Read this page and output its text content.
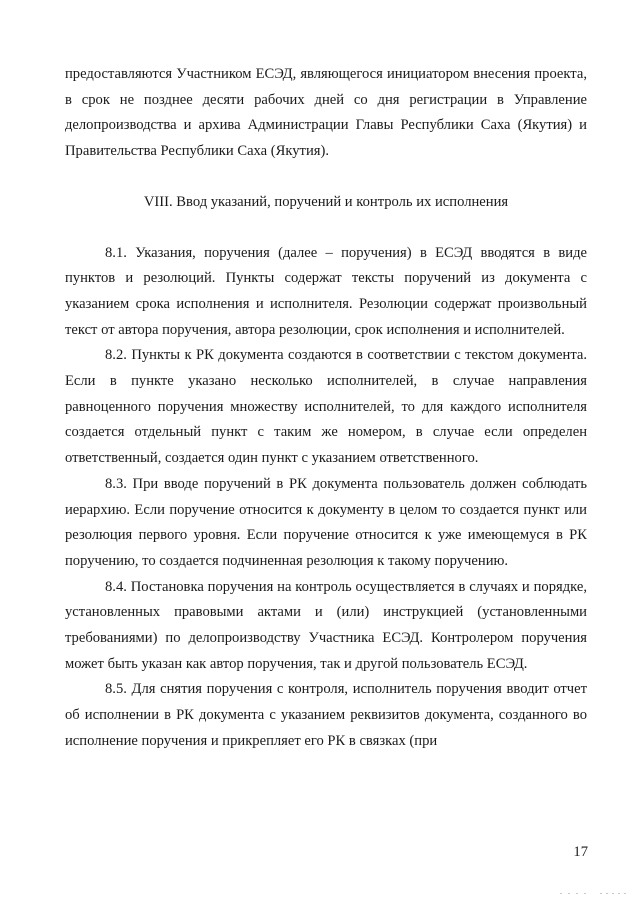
предоставляются Участником ЕСЭД, являющегося инициатором внесения проекта, в срок не позднее десяти рабочих дней со дня регистрации в Управление делопроизводства и архива Администрации Главы Республики Саха (Якутия) и Правительства Республики Саха (Якутия).

VIII. Ввод указаний, поручений и контроль их исполнения

8.1. Указания, поручения (далее – поручения) в ЕСЭД вводятся в виде пунктов и резолюций. Пункты содержат тексты поручений из документа с указанием срока исполнения и исполнителя. Резолюции содержат произвольный текст от автора поручения, автора резолюции, срок исполнения и исполнителей.

8.2. Пункты к РК документа создаются в соответствии с текстом документа. Если в пункте указано несколько исполнителей, в случае направления равноценного поручения множеству исполнителей, то для каждого исполнителя создается отдельный пункт с таким же номером, в случае если определен ответственный, создается один пункт с указанием ответственного.

8.3. При вводе поручений в РК документа пользователь должен соблюдать иерархию. Если поручение относится к документу в целом то создается пункт или резолюция первого уровня. Если поручение относится к уже имеющемуся в РК поручению, то создается подчиненная резолюция к такому поручению.

8.4. Постановка поручения на контроль осуществляется в случаях и порядке, установленных правовыми актами и (или) инструкцией (установленными требованиями) по делопроизводству Участника ЕСЭД. Контролером поручения может быть указан как автор поручения, так и другой пользователь ЕСЭД.

8.5. Для снятия поручения с контроля, исполнитель поручения вводит отчет об исполнении в РК документа с указанием реквизитов документа, созданного во исполнение поручения и прикрепляет его РК в связках (при

17
